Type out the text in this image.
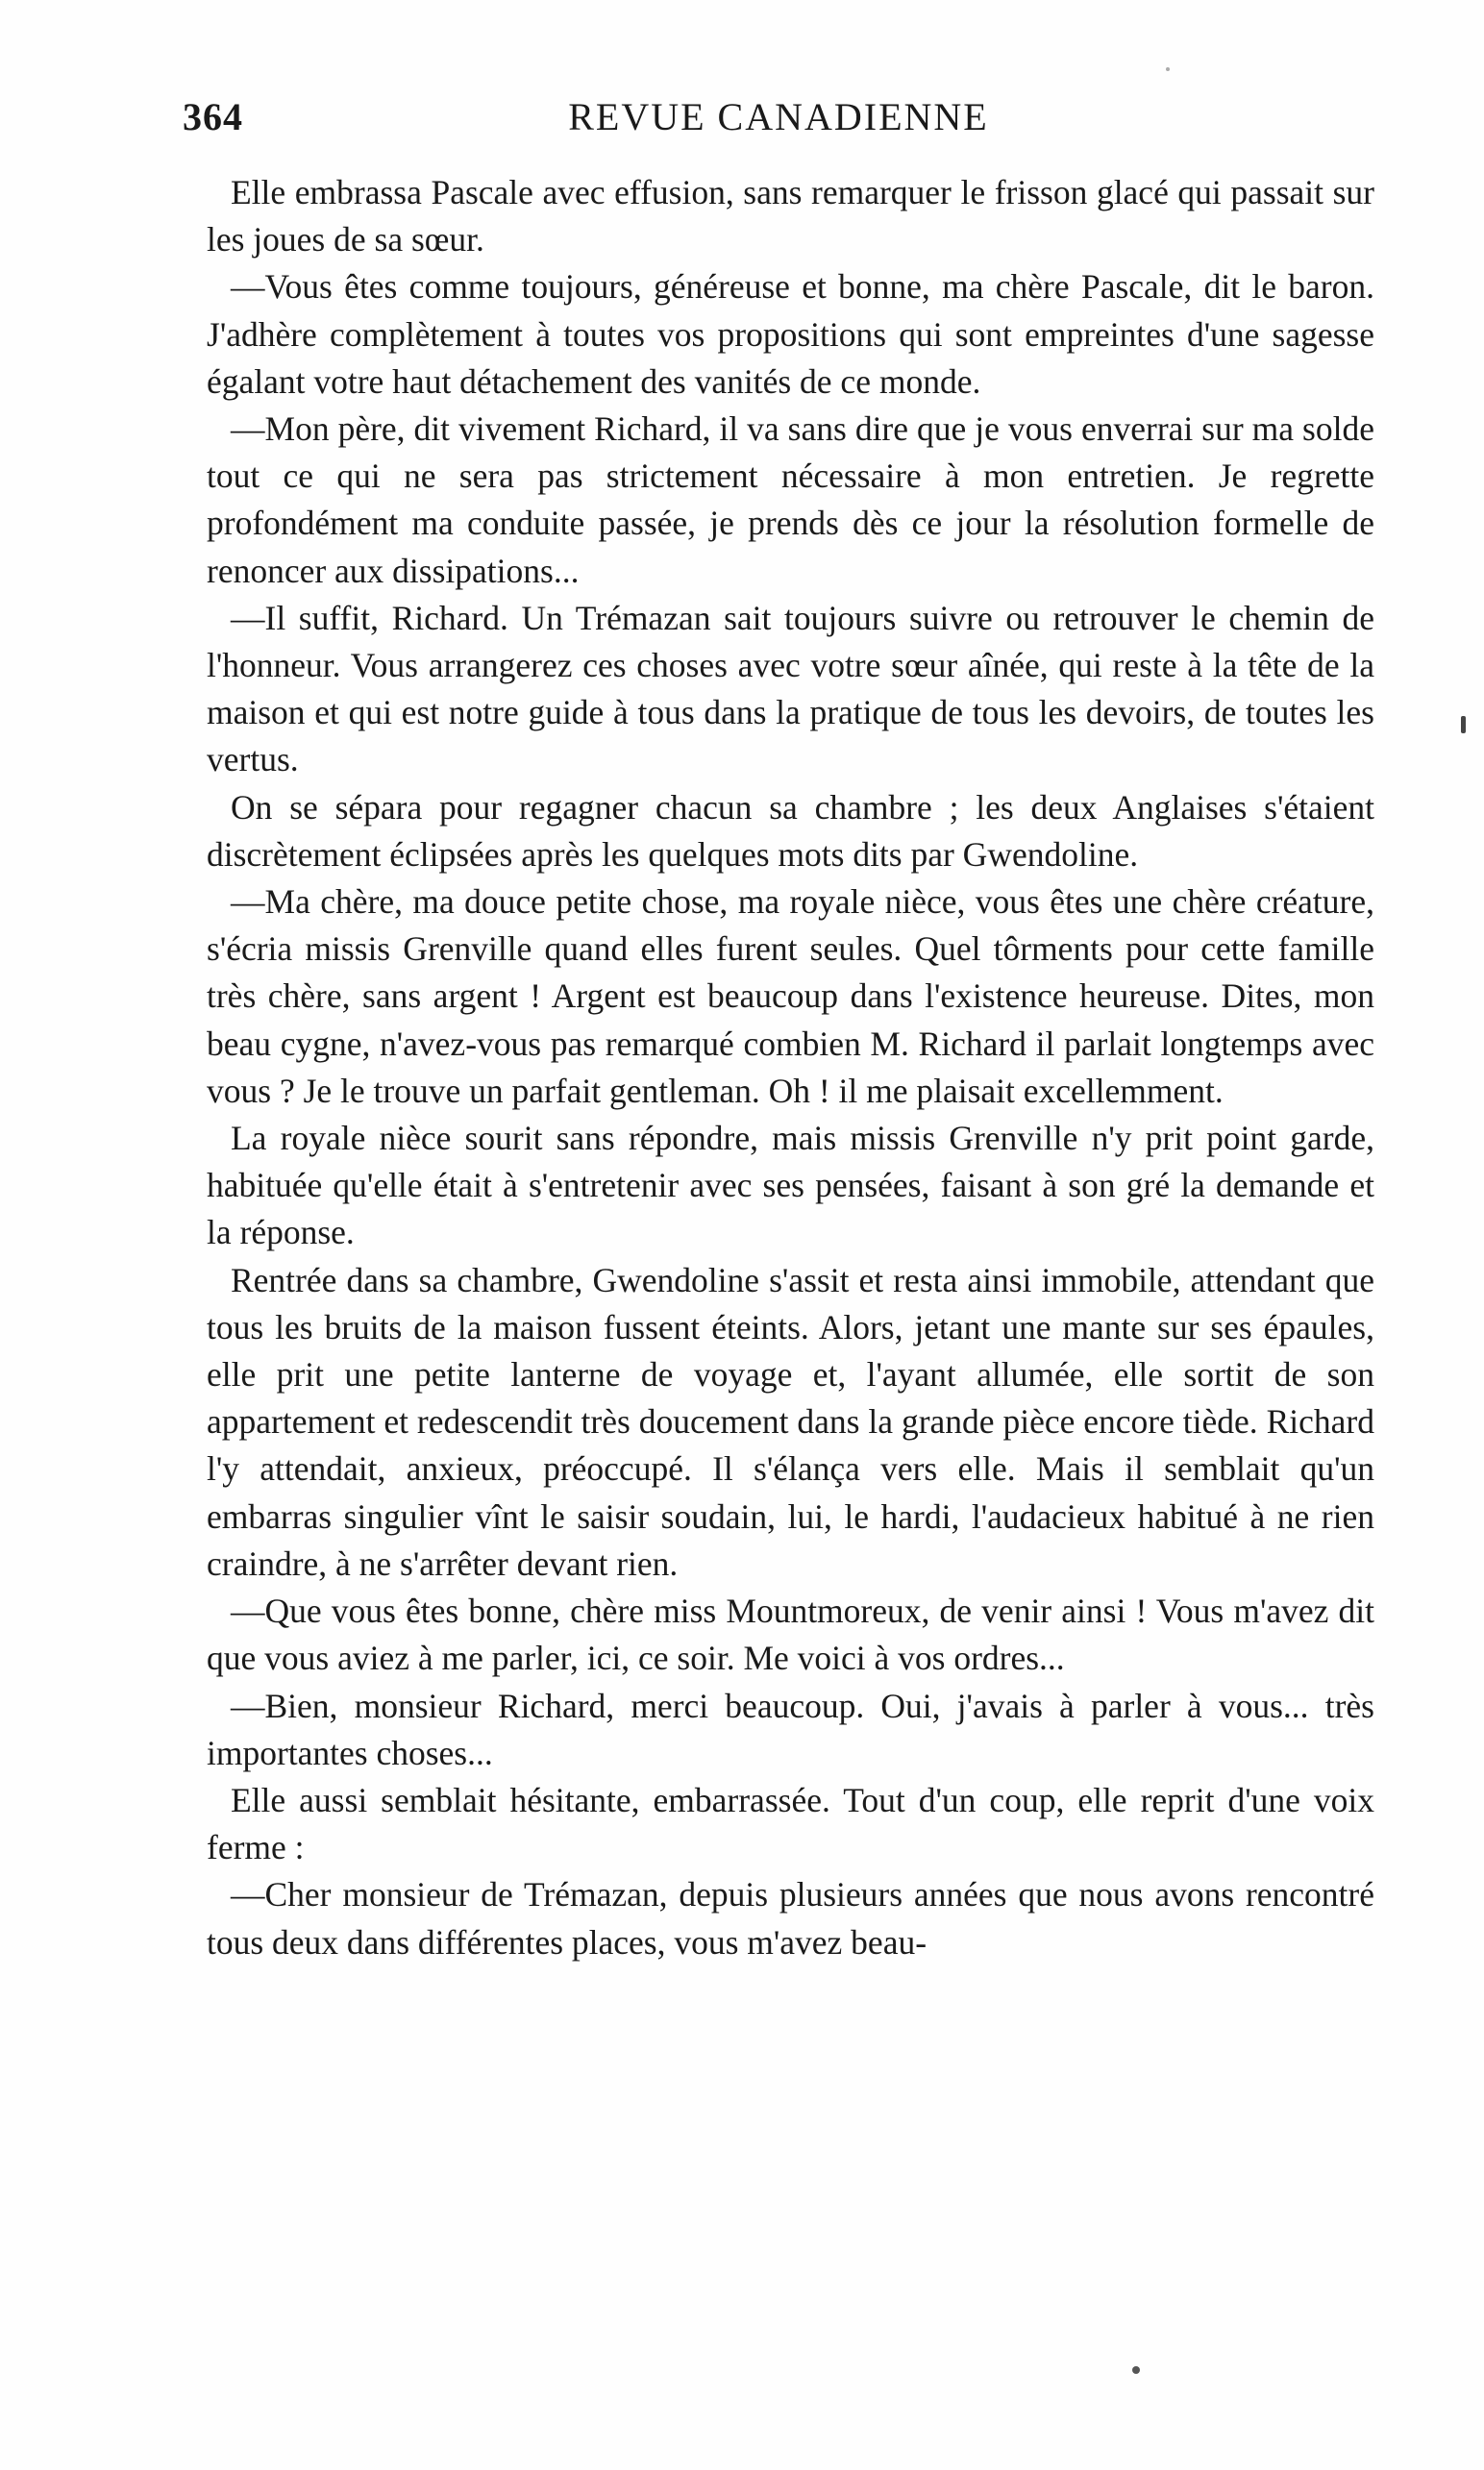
364	REVUE CANADIENNE

Elle embrassa Pascale avec effusion, sans remarquer le frisson glacé qui passait sur les joues de sa sœur.

—Vous êtes comme toujours, généreuse et bonne, ma chère Pascale, dit le baron. J'adhère complètement à toutes vos propositions qui sont empreintes d'une sagesse égalant votre haut détachement des vanités de ce monde.

—Mon père, dit vivement Richard, il va sans dire que je vous enverrai sur ma solde tout ce qui ne sera pas strictement nécessaire à mon entretien. Je regrette profondément ma conduite passée, je prends dès ce jour la résolution formelle de renoncer aux dissipations...

—Il suffit, Richard. Un Trémazan sait toujours suivre ou retrouver le chemin de l'honneur. Vous arrangerez ces choses avec votre sœur aînée, qui reste à la tête de la maison et qui est notre guide à tous dans la pratique de tous les devoirs, de toutes les vertus.

On se sépara pour regagner chacun sa chambre ; les deux Anglaises s'étaient discrètement éclipsées après les quelques mots dits par Gwendoline.

—Ma chère, ma douce petite chose, ma royale nièce, vous êtes une chère créature, s'écria missis Grenville quand elles furent seules. Quel tôrments pour cette famille très chère, sans argent ! Argent est beaucoup dans l'existence heureuse. Dites, mon beau cygne, n'avez-vous pas remarqué combien M. Richard il parlait longtemps avec vous ? Je le trouve un parfait gentleman. Oh ! il me plaisait excellemment.

La royale nièce sourit sans répondre, mais missis Grenville n'y prit point garde, habituée qu'elle était à s'entretenir avec ses pensées, faisant à son gré la demande et la réponse.

Rentrée dans sa chambre, Gwendoline s'assit et resta ainsi immobile, attendant que tous les bruits de la maison fussent éteints. Alors, jetant une mante sur ses épaules, elle prit une petite lanterne de voyage et, l'ayant allumée, elle sortit de son appartement et redescendit très doucement dans la grande pièce encore tiède. Richard l'y attendait, anxieux, préoccupé. Il s'élança vers elle. Mais il semblait qu'un embarras singulier vînt le saisir soudain, lui, le hardi, l'audacieux habitué à ne rien craindre, à ne s'arrêter devant rien.

—Que vous êtes bonne, chère miss Mountmoreux, de venir ainsi ! Vous m'avez dit que vous aviez à me parler, ici, ce soir. Me voici à vos ordres...

—Bien, monsieur Richard, merci beaucoup. Oui, j'avais à parler à vous... très importantes choses...

Elle aussi semblait hésitante, embarrassée. Tout d'un coup, elle reprit d'une voix ferme :

—Cher monsieur de Trémazan, depuis plusieurs années que nous avons rencontré tous deux dans différentes places, vous m'avez beau-
